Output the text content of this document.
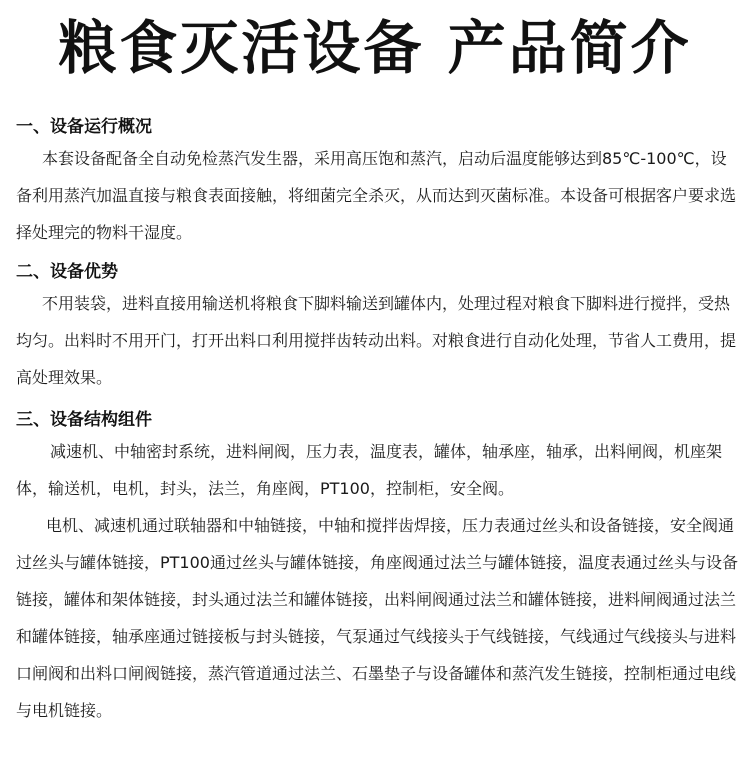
粮食灭活设备 产品简介
一、设备运行概况

本套设备配备全自动免检蒸汽发生器，采用高压饱和蒸汽，启动后温度能够达到85℃-100℃，设备利用蒸汽加温直接与粮食表面接触，将细菌完全杀灭，从而达到灭菌标准。本设备可根据客户要求选择处理完的物料干湿度。

二、设备优势

不用装袋，进料直接用输送机将粮食下脚料输送到罐体内，处理过程对粮食下脚料进行搅拌，受热均匀。出料时不用开门，打开出料口利用搅拌齿转动出料。对粮食进行自动化处理，节省人工费用，提高处理效果。

三、设备结构组件

减速机、中轴密封系统，进料闸阀，压力表，温度表，罐体，轴承座，轴承，出料闸阀，机座架体，输送机，电机，封头，法兰，角座阀，PT100，控制柜，安全阀。

电机、减速机通过联轴器和中轴链接，中轴和搅拌齿焊接，压力表通过丝头和设备链接，安全阀通过丝头与罐体链接，PT100通过丝头与罐体链接，角座阀通过法兰与罐体链接，温度表通过丝头与设备链接，罐体和架体链接，封头通过法兰和罐体链接，出料闸阀通过法兰和罐体链接，进料闸阀通过法兰和罐体链接，轴承座通过链接板与封头链接，气泵通过气线接头于气线链接，气线通过气线接头与进料口闸阀和出料口闸阀链接，蒸汽管道通过法兰、石墨垫子与设备罐体和蒸汽发生链接，控制柜通过电线与电机链接。
